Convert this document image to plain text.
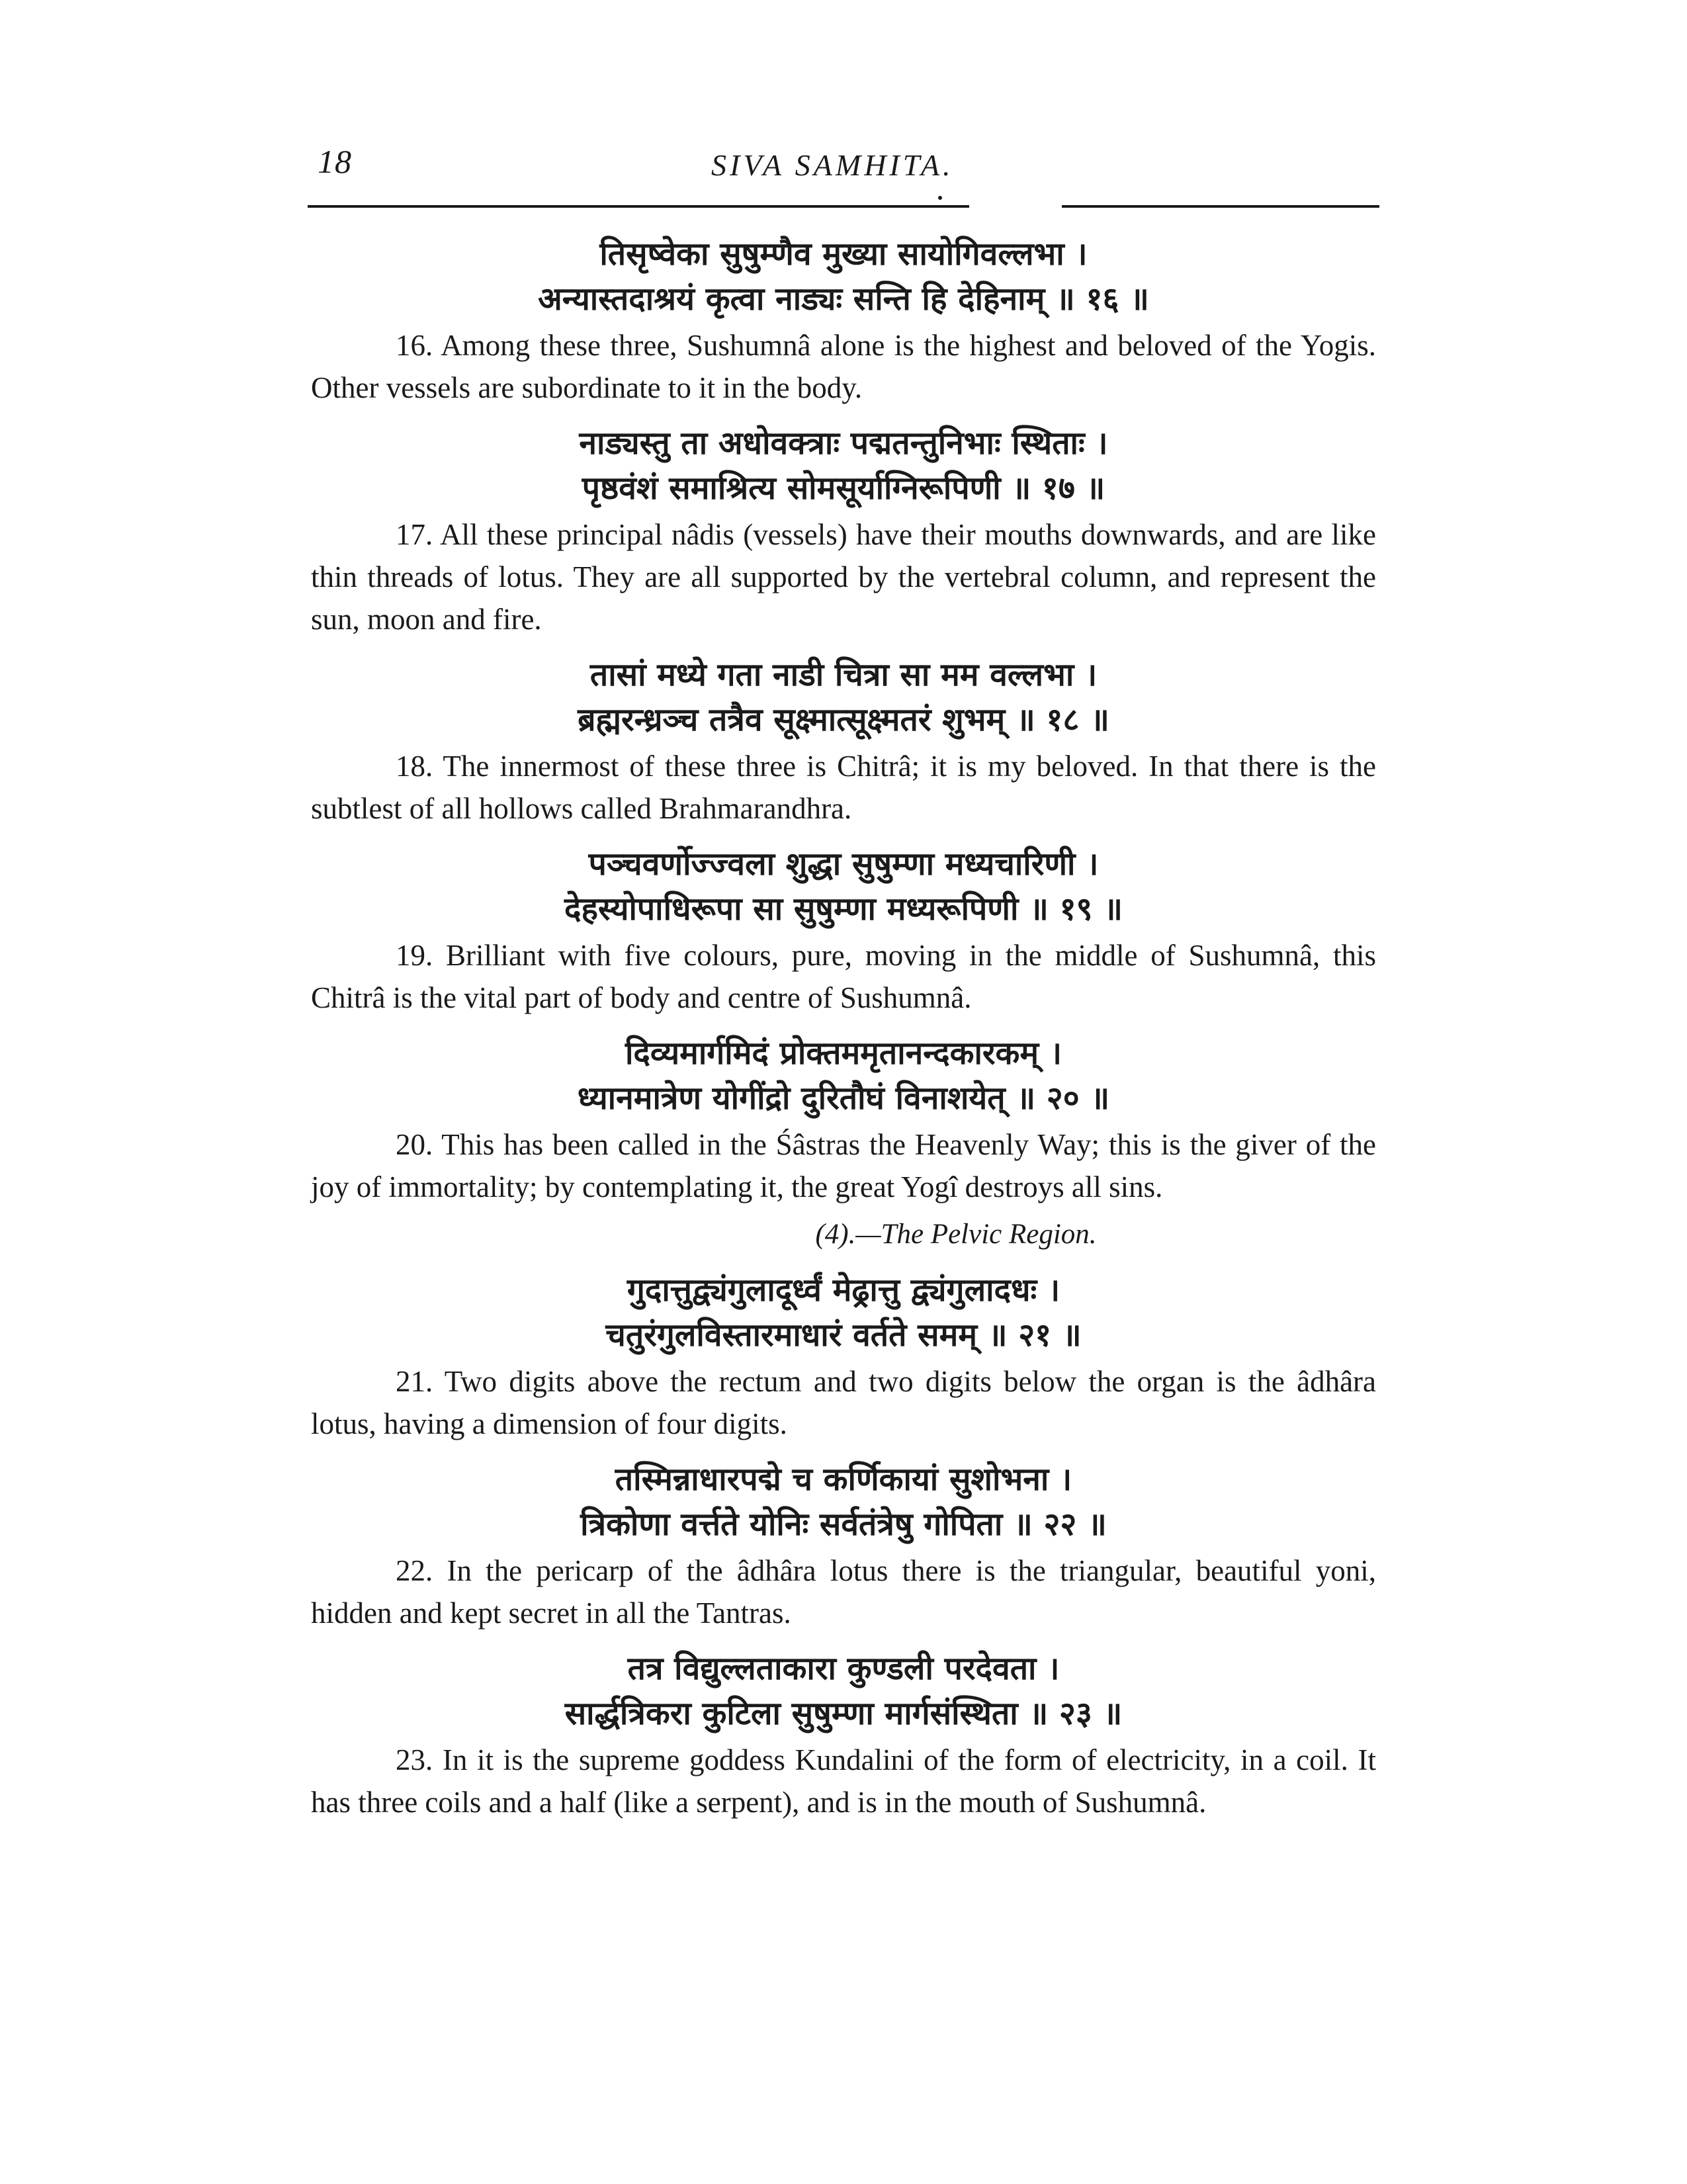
18	SIVA SAMHITA.
तिसृष्वेका सुषुम्णैव मुख्या सायोगिवल्लभा ।
अन्यास्तदाश्रयं कृत्वा नाड्यः सन्ति हि देहिनाम् ॥ १६ ॥

16. Among these three, Sushumnâ alone is the highest and beloved of the Yogis. Other vessels are subordinate to it in the body.

नाड्यस्तु ता अधोवक्त्राः पद्मतन्तुनिभाः स्थिताः ।
पृष्ठवंशं समाश्रित्य सोमसूर्याग्निरूपिणी ॥ १७ ॥

17. All these principal nâdis (vessels) have their mouths downwards, and are like thin threads of lotus. They are all supported by the vertebral column, and represent the sun, moon and fire.

तासां मध्ये गता नाडी चित्रा सा मम वल्लभा ।
ब्रह्मरन्ध्रञ्च तत्रैव सूक्ष्मात्सूक्ष्मतरं शुभम् ॥ १८ ॥

18. The innermost of these three is Chitrâ; it is my beloved. In that there is the subtlest of all hollows called Brahmarandhra.

पञ्चवर्णोज्ज्वला शुद्धा सुषुम्णा मध्यचारिणी ।
देहस्योपाधिरूपा सा सुषुम्णा मध्यरूपिणी ॥ १९ ॥

19. Brilliant with five colours, pure, moving in the middle of Sushumnâ, this Chitrâ is the vital part of body and centre of Sushumnâ.

दिव्यमार्गमिदं प्रोक्तममृतानन्दकारकम् ।
ध्यानमात्रेण योगींद्रो दुरितौघं विनाशयेत् ॥ २० ॥

20. This has been called in the Śâstras the Heavenly Way; this is the giver of the joy of immortality; by contemplating it, the great Yogî destroys all sins.

(4).—The Pelvic Region.
गुदात्तुद्व्यंगुलादूर्ध्वं मेढ्रात्तु द्व्यंगुलादधः ।
चतुरंगुलविस्तारमाधारं वर्तते समम् ॥ २१ ॥

21. Two digits above the rectum and two digits below the organ is the âdhâra lotus, having a dimension of four digits.

तस्मिन्नाधारपद्मे च कर्णिकायां सुशोभना ।
त्रिकोणा वर्त्तते योनिः सर्वतंत्रेषु गोपिता ॥ २२ ॥

22. In the pericarp of the âdhâra lotus there is the triangular, beautiful yoni, hidden and kept secret in all the Tantras.

तत्र विद्युल्लताकारा कुण्डली परदेवता ।
सार्द्धत्रिकरा कुटिला सुषुम्णा मार्गसंस्थिता ॥ २३ ॥

23. In it is the supreme goddess Kundalini of the form of electricity, in a coil. It has three coils and a half (like a serpent), and is in the mouth of Sushumnâ.
